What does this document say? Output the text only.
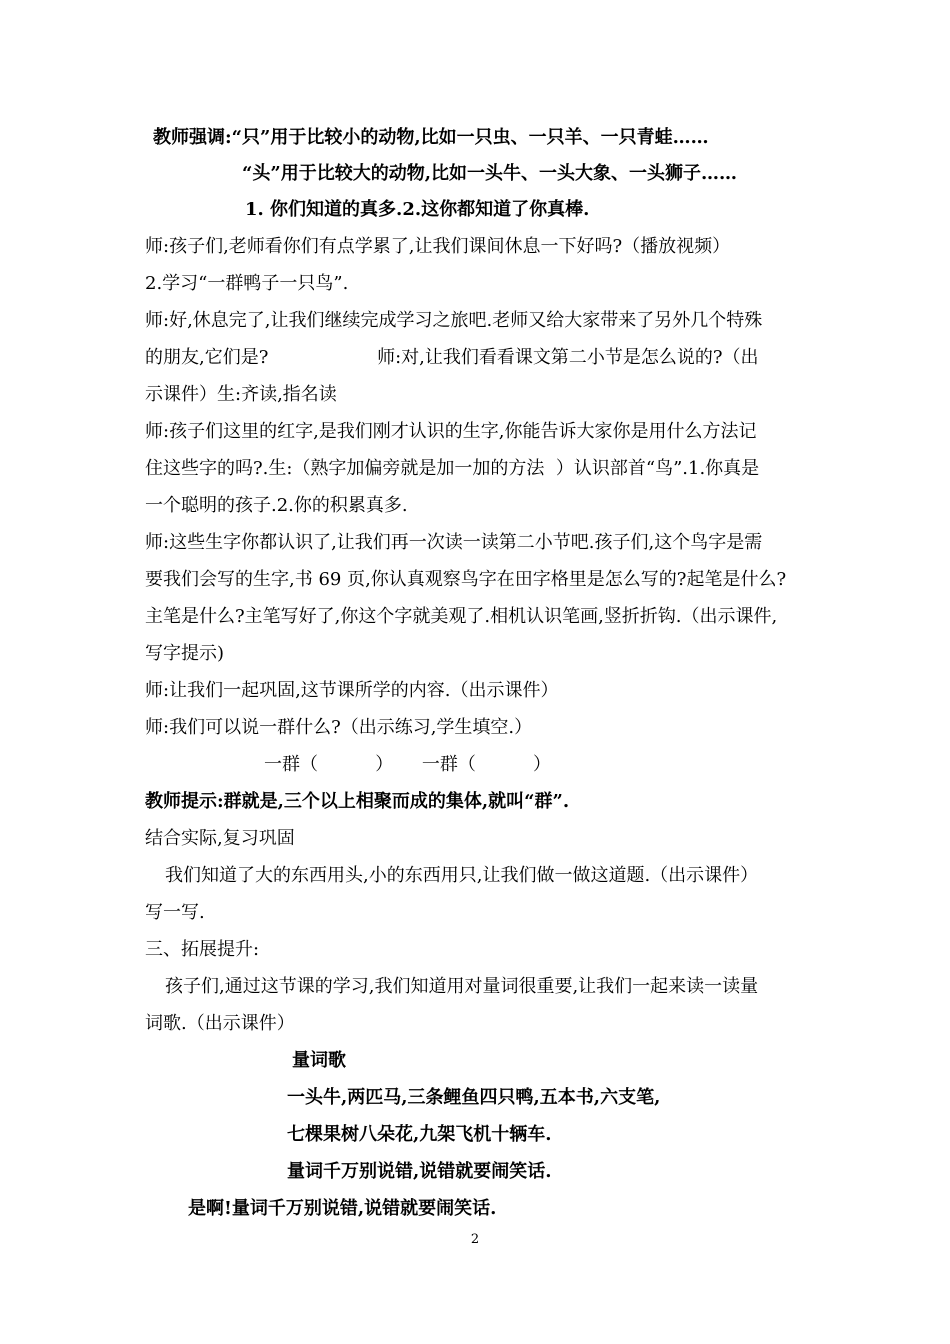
教师强调:“只”用于比较小的动物,比如一只虫、一只羊、一只青蛙……
“头”用于比较大的动物,比如一头牛、一头大象、一头狮子……
1. 你们知道的真多.2.这你都知道了你真棒.
师:孩子们,老师看你们有点学累了,让我们课间休息一下好吗?（播放视频）
2.学习“一群鸭子一只鸟”.
师:好,休息完了,让我们继续完成学习之旅吧.老师又给大家带来了另外几个特殊
的朋友,它们是?                   师:对,让我们看看课文第二小节是怎么说的?（出
示课件）生:齐读,指名读
师:孩子们这里的红字,是我们刚才认识的生字,你能告诉大家你是用什么方法记
住这些字的吗?.生:（熟字加偏旁就是加一加的方法  ）认识部首“鸟”.1.你真是
一个聪明的孩子.2.你的积累真多.
师:这些生字你都认识了,让我们再一次读一读第二小节吧.孩子们,这个鸟字是需
要我们会写的生字,书 69 页,你认真观察鸟字在田字格里是怎么写的?起笔是什么?
主笔是什么?主笔写好了,你这个字就美观了.相机认识笔画,竖折折钩.（出示课件,
写字提示)
师:让我们一起巩固,这节课所学的内容.（出示课件）
师:我们可以说一群什么?（出示练习,学生填空.）
一群（          ）     一群（          ）
教师提示:群就是,三个以上相聚而成的集体,就叫“群”.
结合实际,复习巩固
我们知道了大的东西用头,小的东西用只,让我们做一做这道题.（出示课件）
写一写.
三、拓展提升:
孩子们,通过这节课的学习,我们知道用对量词很重要,让我们一起来读一读量
词歌.（出示课件）
量词歌
一头牛,两匹马,三条鲤鱼四只鸭,五本书,六支笔,
七棵果树八朵花,九架飞机十辆车.
量词千万别说错,说错就要闹笑话.
是啊!量词千万别说错,说错就要闹笑话.
2
